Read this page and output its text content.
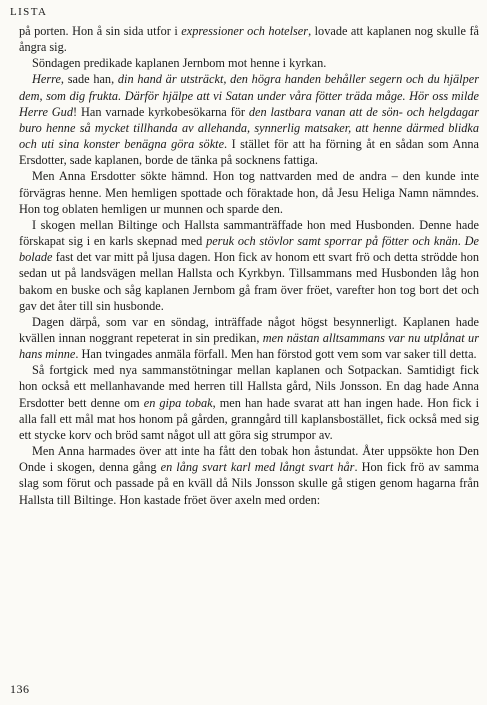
LISTA

på porten. Hon å sin sida utfor i expressioner och hotelser, lovade att kaplanen nog skulle få ångra sig.

Söndagen predikade kaplanen Jernbom mot henne i kyrkan.

Herre, sade han, din hand är utsträckt, den högra handen behåller segern och du hjälper dem, som dig frukta. Därför hjälpe att vi Satan under våra fötter träda måge. Hör oss milde Herre Gud! Han varnade kyrkobesökarna för den lastbara vanan att de sön- och helgdagar buro henne så mycket tillhanda av allehanda, synnerlig matsaker, att henne därmed blidka och uti sina konster benägna göra sökte. I stället för att ha förning åt en sådan som Anna Ersdotter, sade kaplanen, borde de tänka på socknens fattiga.

Men Anna Ersdotter sökte hämnd. Hon tog nattvarden med de andra – den kunde inte förvägras henne. Men hemligen spottade och föraktade hon, då Jesu Heliga Namn nämndes. Hon tog oblaten hemligen ur munnen och sparde den.

I skogen mellan Biltinge och Hallsta sammanträffade hon med Husbonden. Denne hade förskapat sig i en karls skepnad med peruk och stövlor samt sporrar på fötter och knän. De bolade fast det var mitt på ljusa dagen. Hon fick av honom ett svart frö och detta strödde hon sedan ut på landsvägen mellan Hallsta och Kyrkbyn. Tillsammans med Husbonden låg hon bakom en buske och såg kaplanen Jernbom gå fram över fröet, varefter hon tog bort det och gav det åter till sin husbonde.

Dagen därpå, som var en söndag, inträffade något högst besynnerligt. Kaplanen hade kvällen innan noggrant repeterat in sin predikan, men nästan alltsammans var nu utplånat ur hans minne. Han tvingades anmäla förfall. Men han förstod gott vem som var saker till detta.

Så fortgick med nya sammanstötningar mellan kaplanen och Sotpackan. Samtidigt fick hon också ett mellanhavande med herren till Hallsta gård, Nils Jonsson. En dag hade Anna Ersdotter bett denne om en gipa tobak, men han hade svarat att han ingen hade. Hon fick i alla fall ett mål mat hos honom på gården, granngård till kaplansbostället, fick också med sig ett stycke korv och bröd samt något ull att göra sig strumpor av.

Men Anna harmades över att inte ha fått den tobak hon åstundat. Åter uppsökte hon Den Onde i skogen, denna gång en lång svart karl med långt svart hår. Hon fick frö av samma slag som förut och passade på en kväll då Nils Jonsson skulle gå stigen genom hagarna från Hallsta till Biltinge. Hon kastade fröet över axeln med orden:

136
